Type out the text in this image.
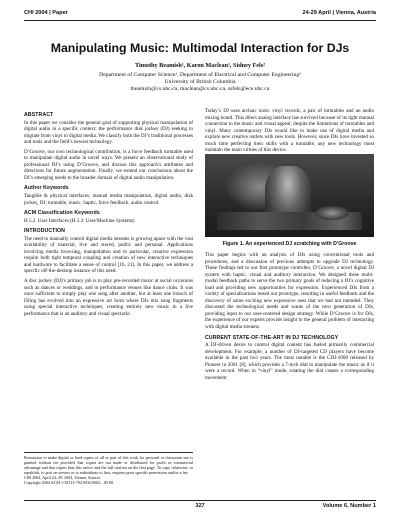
CHI 2004 | Paper	24-29 April | Vienna, Austria
Manipulating Music: Multimodal Interaction for DJs
Timothy Beamish¹, Karon Maclean¹, Sidney Fels²
Department of Computer Science¹, Department of Electrical and Computer Engineering²
University of British Columbia
tbeamish@cs.ubc.ca, maclean@cs.ubc.ca, ssfels@ece.ubc.ca
ABSTRACT

In this paper we consider the general goal of supporting physical manipulation of digital audio in a specific context: the performance disk jockey (DJ) seeking to migrate from vinyl to digital media. We classify both the DJ’s traditional processes and tools and the field’s newest technology.

D’Groove, our own technological contribution, is a force feedback turntable used to manipulate digital audio in novel ways. We present an observational study of professional DJ’s using D’Groove, and discuss this approach’s attributes and directions for future augmentation. Finally, we extend our conclusions about the DJ’s emerging needs to the broader domain of digital audio manipulation.

Author Keywords

Tangible & physical interfaces, manual media manipulation, digital audio, disk jockey, DJ, turntable, music, haptic, force feedback, audio control.

ACM Classification Keywords

H.5.2. User Interfaces (H.1.2: User/Machine Systems)

INTRODUCTION

The need to manually control digital media streams is growing apace with the vast availability of material, live and stored, public and personal. Applications involving media browsing, manipulation and in particular, creative expression require both tight temporal coupling and creation of new interactive techniques and hardware to facilitate a sense of control [16, 21]. In this paper, we address a specific off-the-desktop instance of this need.

A disc jockey (DJ)’s primary job is to play pre-recorded music at social occasions such as dances or weddings, and in performance venues like dance clubs. It was once sufficient to simply play one song after another, but at least one branch of DJing has evolved into an expressive art form where DJs mix song fragments using special interactive techniques, creating entirely new music in a live performance that is an auditory and visual spectacle.

Permission to make digital or hard copies of all or part of this work for personal or classroom use is granted without fee provided that copies are not made or distributed for profit or commercial advantage and that copies bear this notice and the full citation on the first page. To copy otherwise, or republish, to post on servers or to redistribute to lists, requires prior specific permission and/or a fee.
CHI 2004, April 24–29, 2004, Vienna, Austria.
Copyright 2004 ACM 1-58113-702-8/04/0004…$5.00.

Today’s DJ uses archaic tools: vinyl records, a pair of turntables and an audio mixing board. This direct analog interface has survived because of its tight manual connection to the music and visual appeal, despite the limitations of turntables and vinyl. Many contemporary DJs would like to make use of digital media and explore new creative outlets with new tools. However, since DJs have invested so much time perfecting their skills with a turntable, any new technology must maintain the main virtues of this device.

Figure 1. An experienced DJ scratching with D’Groove

This paper begins with an analysis of DJs using conventional tools and procedures, and a discussion of previous attempts to upgrade DJ technology. These findings led to our first prototype controller, D’Groove, a novel digital DJ system with haptic, visual and auditory interaction. We designed these multi-modal feedback paths to serve the two primary goals of reducing a DJ’s cognitive load and providing new opportunities for expression. Experienced DJs from a variety of specializations tested our prototype, resulting in useful feedback and the discovery of some exciting new expressive uses that we had not intended. They discussed the technological needs and wants of the next generation of DJs, providing input to our user-centered design strategy. While D’Groove is for DJs, the experience of our experts provide insight to the general problem of interacting with digital media streams.

CURRENT STATE-OF-THE-ART IN DJ TECHNOLOGY

A DJ-driven desire to control digital content has fueled primarily commercial development. For example, a number of DJ-targeted CD players have become available in the past two years. The most notable is the CDJ-1000 released by Pioneer in 2001 [8], which provides a 7-inch dial to manipulate the music as if it were a record. When in “vinyl” mode, rotating the dial causes a corresponding movement

327	Volume 6, Number 1
